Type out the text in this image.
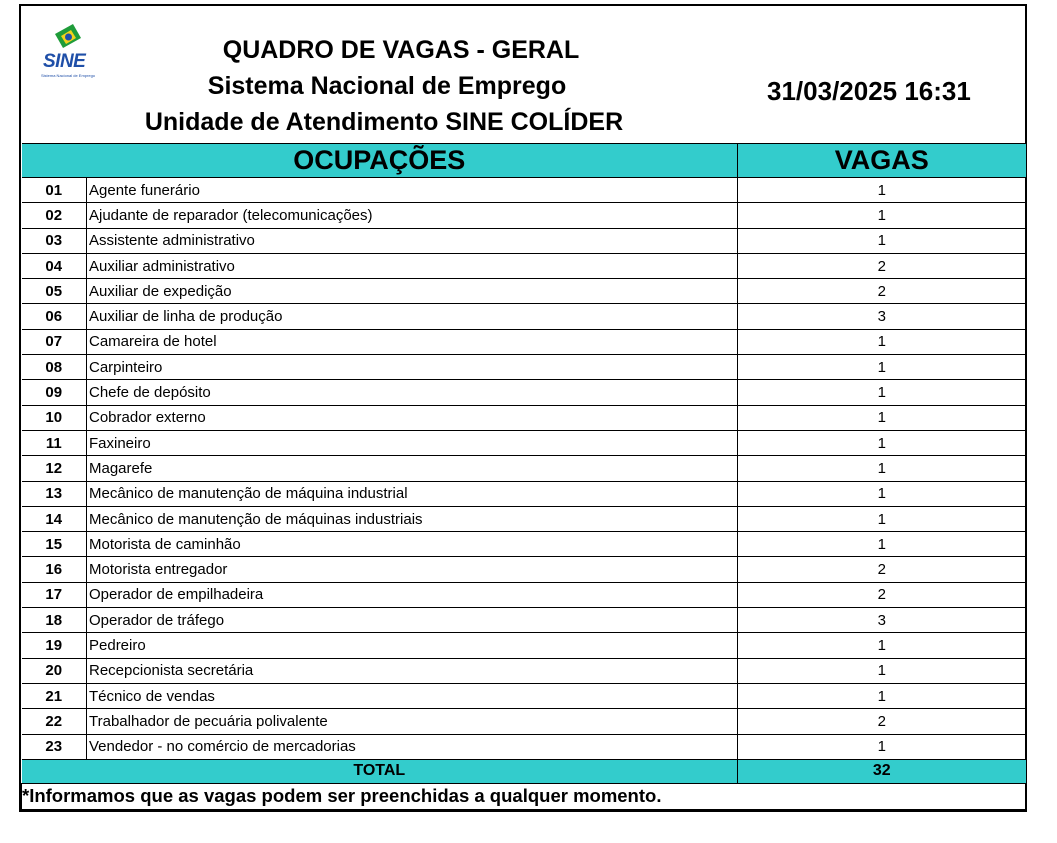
SINE
Sistema Nacional de Emprego
QUADRO DE VAGAS - GERAL
Sistema Nacional de Emprego
Unidade de Atendimento SINE COLÍDER
31/03/2025 16:31
OCUPAÇÕES		VAGAS
01	Agente funerário	1
02	Ajudante de reparador (telecomunicações)	1
03	Assistente administrativo	1
04	Auxiliar administrativo	2
05	Auxiliar de expedição	2
06	Auxiliar de linha de produção	3
07	Camareira de hotel	1
08	Carpinteiro	1
09	Chefe de depósito	1
10	Cobrador externo	1
11	Faxineiro	1
12	Magarefe	1
13	Mecânico de manutenção de máquina industrial	1
14	Mecânico de manutenção de máquinas industriais	1
15	Motorista de caminhão	1
16	Motorista entregador	2
17	Operador de empilhadeira	2
18	Operador de tráfego	3
19	Pedreiro	1
20	Recepcionista secretária	1
21	Técnico de vendas	1
22	Trabalhador de pecuária polivalente	2
23	Vendedor - no comércio de mercadorias	1
TOTAL		32
*Informamos que as vagas podem ser preenchidas a qualquer momento.		
